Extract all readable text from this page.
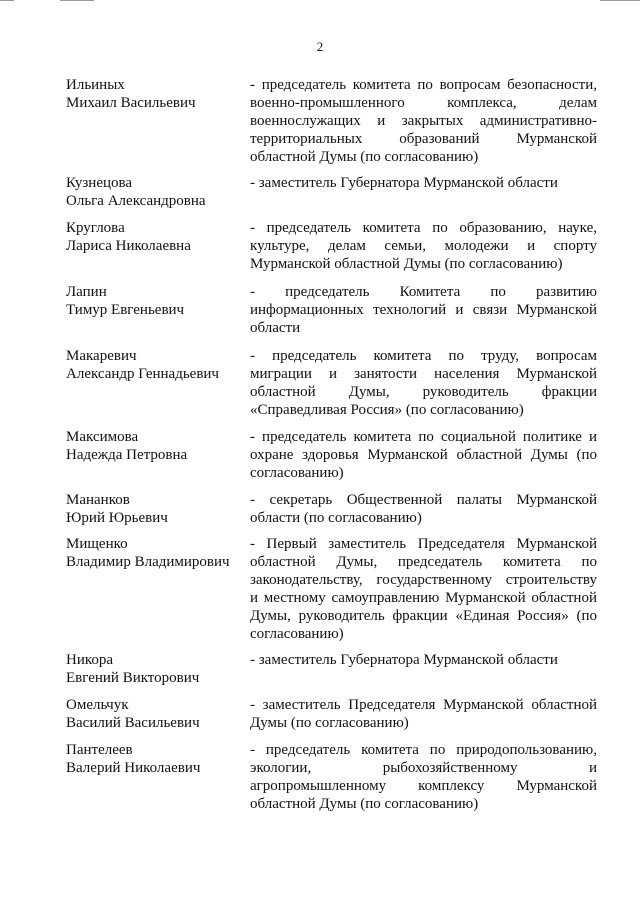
2
Ильиных
Михаил Васильевич
- председатель комитета по вопросам безопасности,
военно-промышленного комплекса, делам
военнослужащих и закрытых административно-
территориальных образований Мурманской
областной Думы (по согласованию)
Кузнецова
Ольга Александровна
- заместитель Губернатора Мурманской области
Круглова
Лариса Николаевна
- председатель комитета по образованию, науке,
культуре, делам семьи, молодежи и спорту
Мурманской областной Думы (по согласованию)
Лапин
Тимур Евгеньевич
- председатель Комитета по развитию
информационных технологий и связи Мурманской
области
Макаревич
Александр Геннадьевич
- председатель комитета по труду, вопросам
миграции и занятости населения Мурманской
областной Думы, руководитель фракции
«Справедливая Россия» (по согласованию)
Максимова
Надежда Петровна
- председатель комитета по социальной политике и
охране здоровья Мурманской областной Думы (по
согласованию)
Мананков
Юрий Юрьевич
- секретарь Общественной палаты Мурманской
области (по согласованию)
Мищенко
Владимир Владимирович
- Первый заместитель Председателя Мурманской
областной Думы, председатель комитета по
законодательству, государственному строительству
и местному самоуправлению Мурманской областной
Думы, руководитель фракции «Единая Россия» (по
согласованию)
Никора
Евгений Викторович
- заместитель Губернатора Мурманской области
Омельчук
Василий Васильевич
- заместитель Председателя Мурманской областной
Думы (по согласованию)
Пантелеев
Валерий Николаевич
- председатель комитета по природопользованию,
экологии, рыбохозяйственному и
агропромышленному комплексу Мурманской
областной Думы (по согласованию)
